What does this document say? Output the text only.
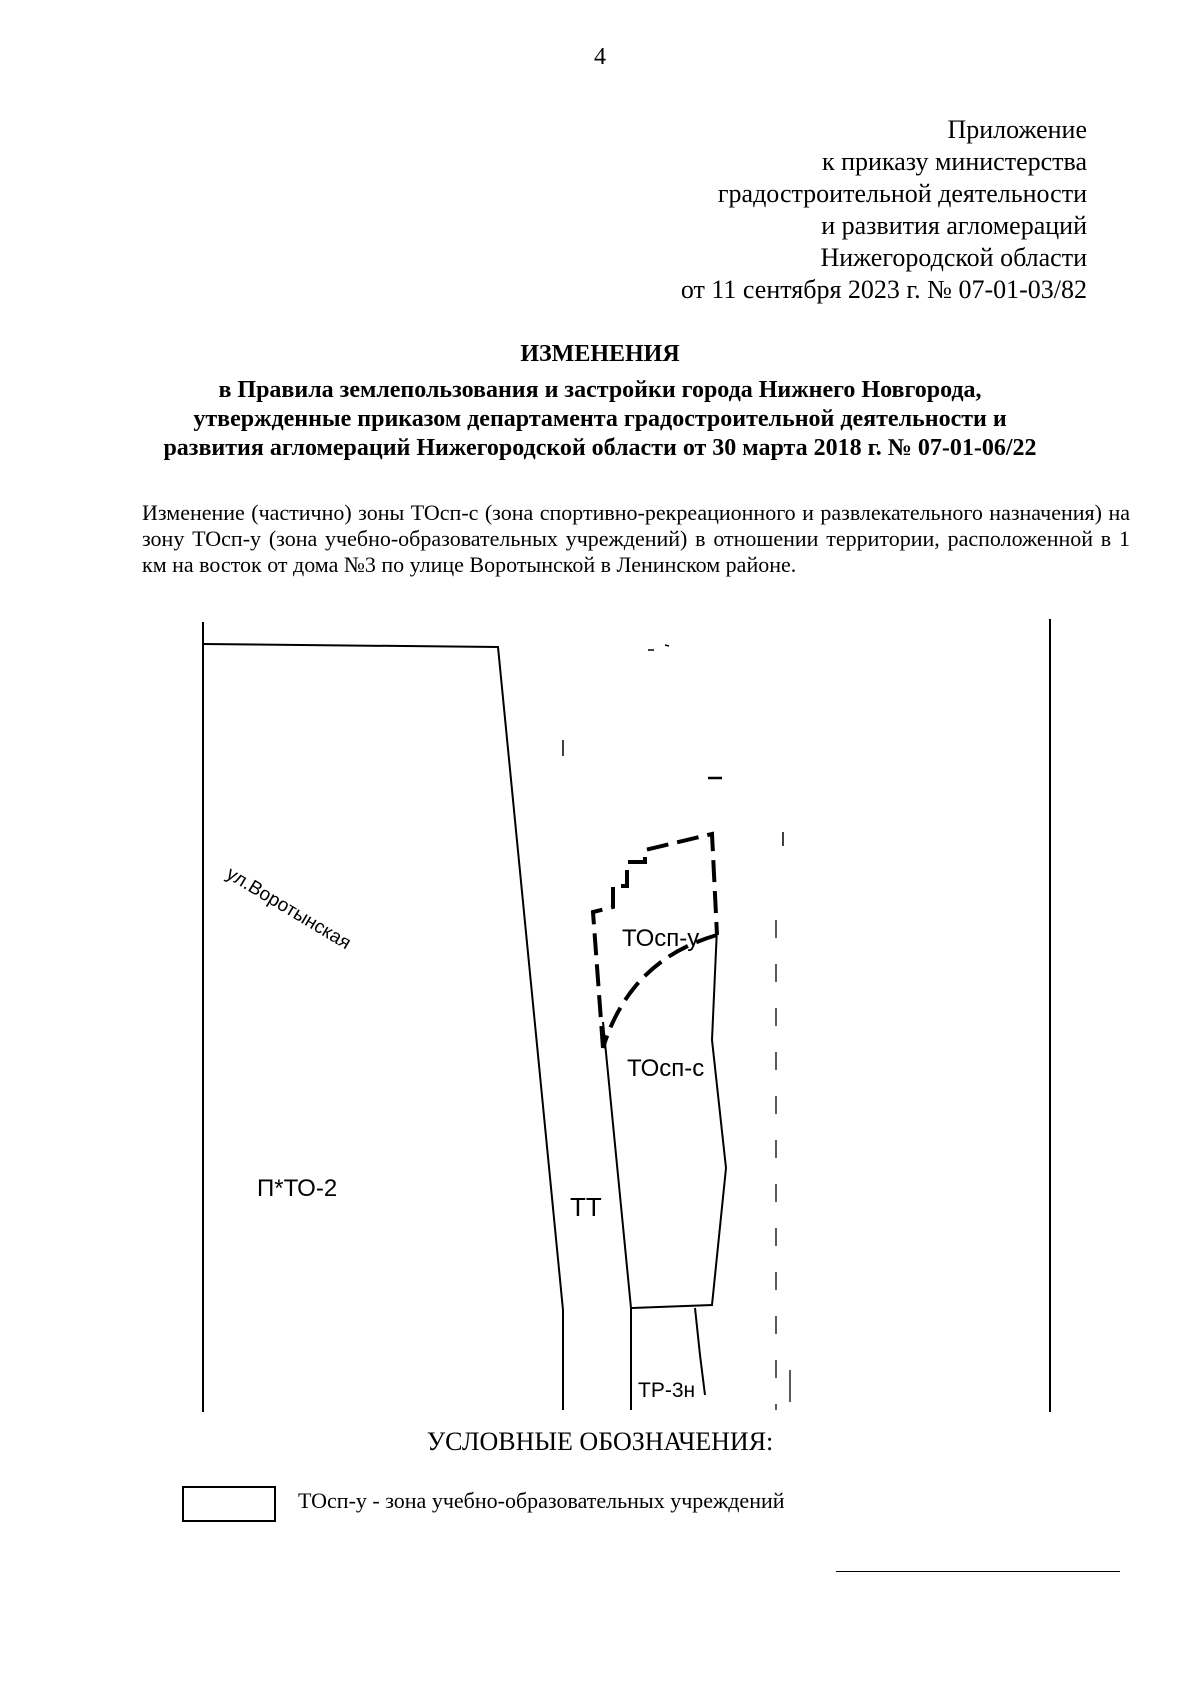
4
Приложение
к приказу министерства
градостроительной деятельности
и развития агломераций
Нижегородской области
от 11 сентября 2023 г. № 07-01-03/82
ИЗМЕНЕНИЯ
в Правила землепользования и застройки города Нижнего Новгорода,
утвержденные приказом департамента градостроительной деятельности и
развития агломераций Нижегородской области от 30 марта 2018 г. № 07-01-06/22
Изменение (частично) зоны ТОсп-с (зона спортивно-рекреационного и развлекательного назначения) на зону ТОсп-у (зона учебно-образовательных учреждений) в отношении территории, расположенной в 1 км на восток от дома №3 по улице Воротынской в Ленинском районе.
ул.Воротынская	ТОсп-у
ТОсп-с
П*ТО-2
ТТ
ТР-3н
УСЛОВНЫЕ ОБОЗНАЧЕНИЯ:
ТОсп-у - зона учебно-образовательных учреждений
